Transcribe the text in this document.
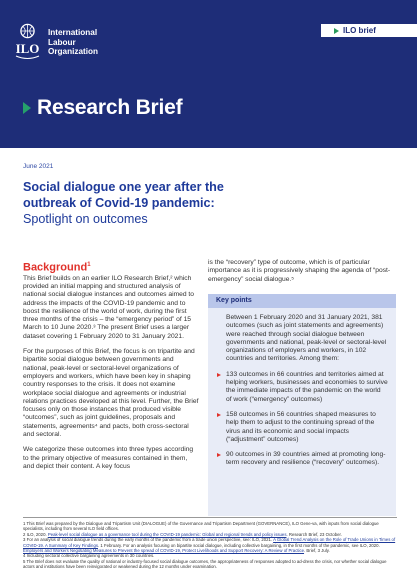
ILO
International
Labour
Organization
ILO brief
Research Brief
June 2021
Social dialogue one year after the outbreak of Covid-19 pandemic:
Spotlight on outcomes
Background$^1$

This Brief builds on an earlier ILO Research Brief,² which provided an initial mapping and structured analysis of national social dialogue instances and outcomes aimed to address the impacts of the COVID-19 pandemic and to boost the resilience of the world of work, during the first three months of the crisis – the “emergency period” of 15 March to 10 June 2020.³ The present Brief uses a larger dataset covering 1 February 2020 to 31 January 2021.

For the purposes of this Brief, the focus is on tripartite and bipartite social dialogue between governments and national, peak-level or sectoral-level organizations of employers and workers, which have been key in shaping country responses to the crisis. It does not examine workplace social dialogue and agreements or industrial relations practices developed at this level. Further, the Brief focuses only on those instances that produced visible “outcomes”, such as joint guidelines, proposals and statements, agreements⁴ and pacts, both cross-sectoral and sectoral.

We categorize these outcomes into three types according to the primary objective of measures contained in them, and depict their content. A key focus

is the “recovery” type of outcome, which is of particular importance as it is progressively shaping the agenda of “post-emergency” social dialogue.⁵

Key points

Between 1 February 2020 and 31 January 2021, 381 outcomes (such as joint statements and agreements) were reached through social dialogue between governments and national, peak-level or sectoral-level organizations of employers and workers, in 102 countries and territories. Among them:

133 outcomes in 66 countries and territories aimed at helping workers, businesses and economies to survive the immediate impacts of the pandemic on the world of work (“emergency” outcomes)
158 outcomes in 56 countries shaped measures to help them to adjust to the continuing spread of the virus and its economic and social impacts (“adjustment” outcomes)
90 outcomes in 39 countries aimed at promoting long-term recovery and resilience (“recovery” outcomes).
1 This Brief was prepared by the Dialogue and Tripartism Unit (DIALOGUE) of the Governance and Tripartism Department (GOVERNANCE), ILO Gene-va, with inputs from social dialogue specialists, including from several ILO field offices.
2 ILO, 2020. Peak-level social dialogue as a governance tool during the COVID-19 pandemic: Global and regional trends and policy issues. Research Brief, 23 October.
3 For an analysis of social dialogue trends during the early months of the pandemic from a trade union perspective, see: ILO, 2021. A Global Trend Analysis on the Role of Trade Unions in Times of COVID-19. A Summary of Key Findings. 1 February. For an analysis focusing on bipartite social dialogue, including collective bargaining, in the first months of the pandemic, see ILO, 2020. Employers and Workers Negotiating Measures to Prevent the spread of COVID-19, Protect Livelihoods and Support Recovery: A Review of Practice. Brief, 3 July.
4 Including sectoral collective bargaining agreements in 30 countries.
5 The Brief does not evaluate the quality of national or industry-focused social dialogue outcomes, the appropriateness of responses adopted to ad-dress the crisis, nor whether social dialogue actors and institutions have been reinvigorated or weakened during the 12 months under examination.
